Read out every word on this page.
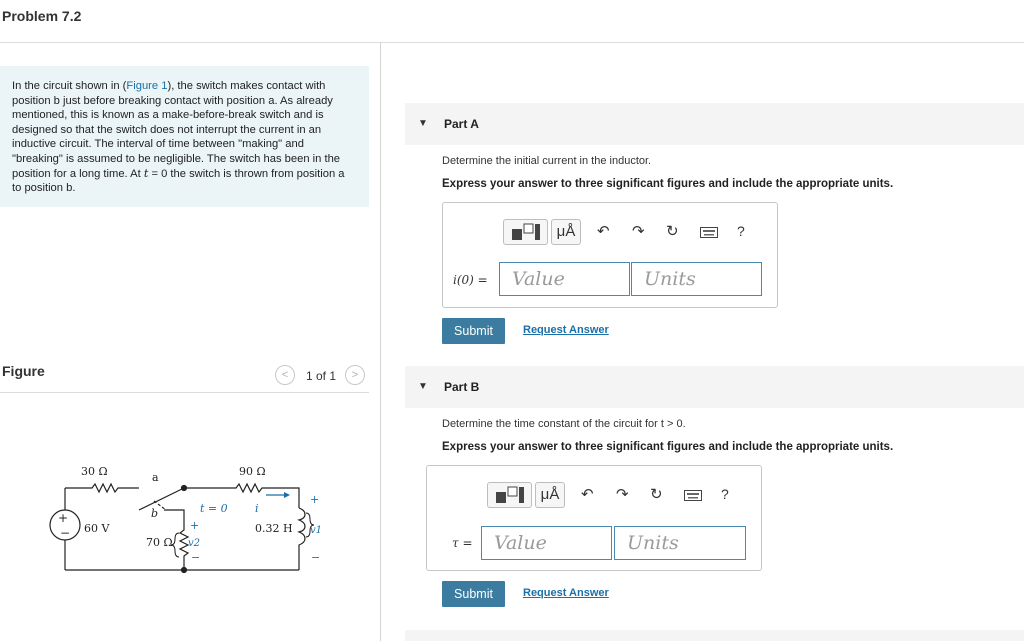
Problem 7.2
In the circuit shown in (Figure 1), the switch makes contact with position b just before breaking contact with position a. As already mentioned, this is known as a make-before-break switch and is designed so that the switch does not interrupt the current in an inductive circuit. The interval of time between "making" and "breaking" is assumed to be negligible. The switch has been in the position for a long time. At t = 0 the switch is thrown from position a to position b.
Figure	<	1 of 1	>
30 Ω	a	90 Ω
b	t = 0 i
60 V
+
−
70 Ω
+
v2
−
0.32 H
+
v1
−
▼ Part A
Determine the initial current in the inductor.
Express your answer to three significant figures and include the appropriate units.
μÅ	↶ ↷ ↻	?
i(0) =	Value	Units
Submit	Request Answer
▼ Part B
Determine the time constant of the circuit for t > 0.
Express your answer to three significant figures and include the appropriate units.
μÅ	↶ ↷ ↻	?
τ =	Value	Units
Submit	Request Answer
